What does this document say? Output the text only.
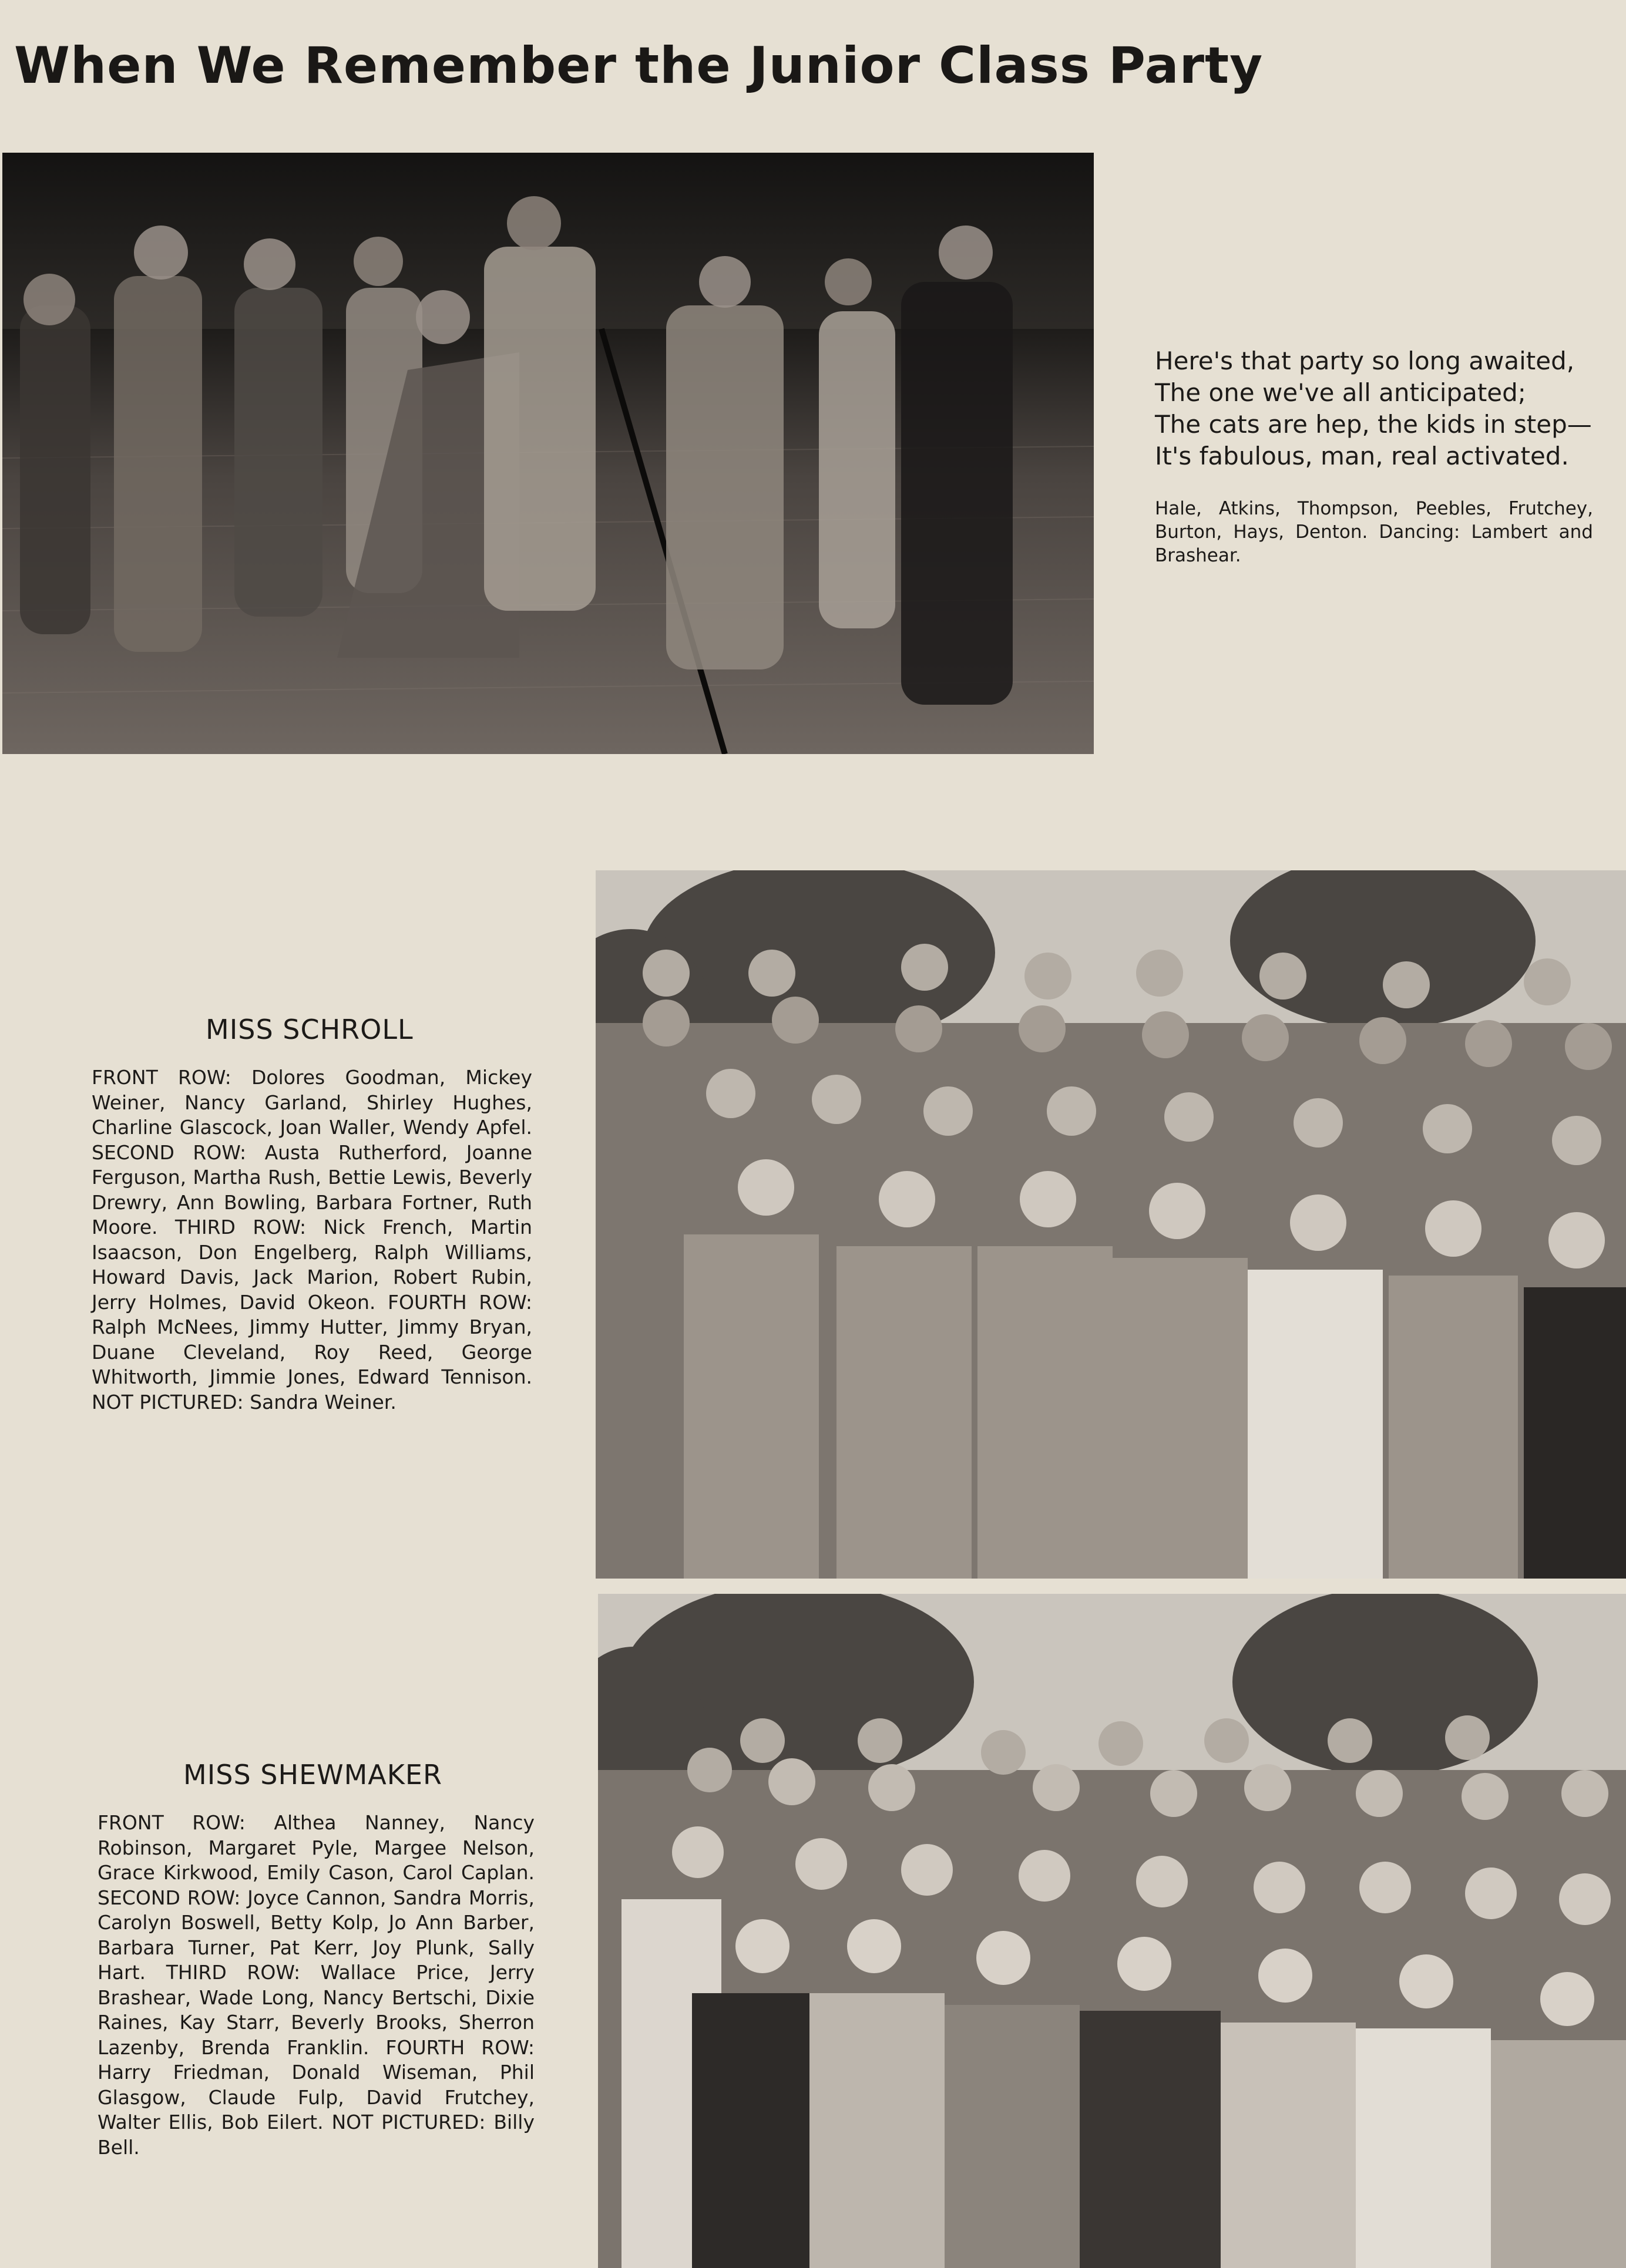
When We Remember the Junior Class Party
Here's that party so long awaited,
The one we've all anticipated;
The cats are hep, the kids in step—
It's fabulous, man, real activated.
Hale, Atkins, Thompson, Peebles, Frutchey, Burton, Hays, Denton. Dancing: Lambert and Brashear.
MISS SCHROLL
FRONT ROW: Dolores Goodman, Mickey Weiner, Nancy Garland, Shirley Hughes, Charline Glascock, Joan Waller, Wendy Apfel. SECOND ROW: Austa Rutherford, Joanne Ferguson, Martha Rush, Bettie Lewis, Beverly Drewry, Ann Bowling, Barbara Fortner, Ruth Moore. THIRD ROW: Nick French, Martin Isaacson, Don Engelberg, Ralph Williams, Howard Davis, Jack Marion, Robert Rubin, Jerry Holmes, David Okeon. FOURTH ROW: Ralph McNees, Jimmy Hutter, Jimmy Bryan, Duane Cleveland, Roy Reed, George Whitworth, Jimmie Jones, Edward Tennison. NOT PICTURED: Sandra Weiner.
MISS SHEWMAKER
FRONT ROW: Althea Nanney, Nancy Robinson, Margaret Pyle, Margee Nelson, Grace Kirkwood, Emily Cason, Carol Caplan. SECOND ROW: Joyce Cannon, Sandra Morris, Carolyn Boswell, Betty Kolp, Jo Ann Barber, Barbara Turner, Pat Kerr, Joy Plunk, Sally Hart. THIRD ROW: Wallace Price, Jerry Brashear, Wade Long, Nancy Bertschi, Dixie Raines, Kay Starr, Beverly Brooks, Sherron Lazenby, Brenda Franklin. FOURTH ROW: Harry Friedman, Donald Wiseman, Phil Glasgow, Claude Fulp, David Frutchey, Walter Ellis, Bob Eilert. NOT PICTURED: Billy Bell.
